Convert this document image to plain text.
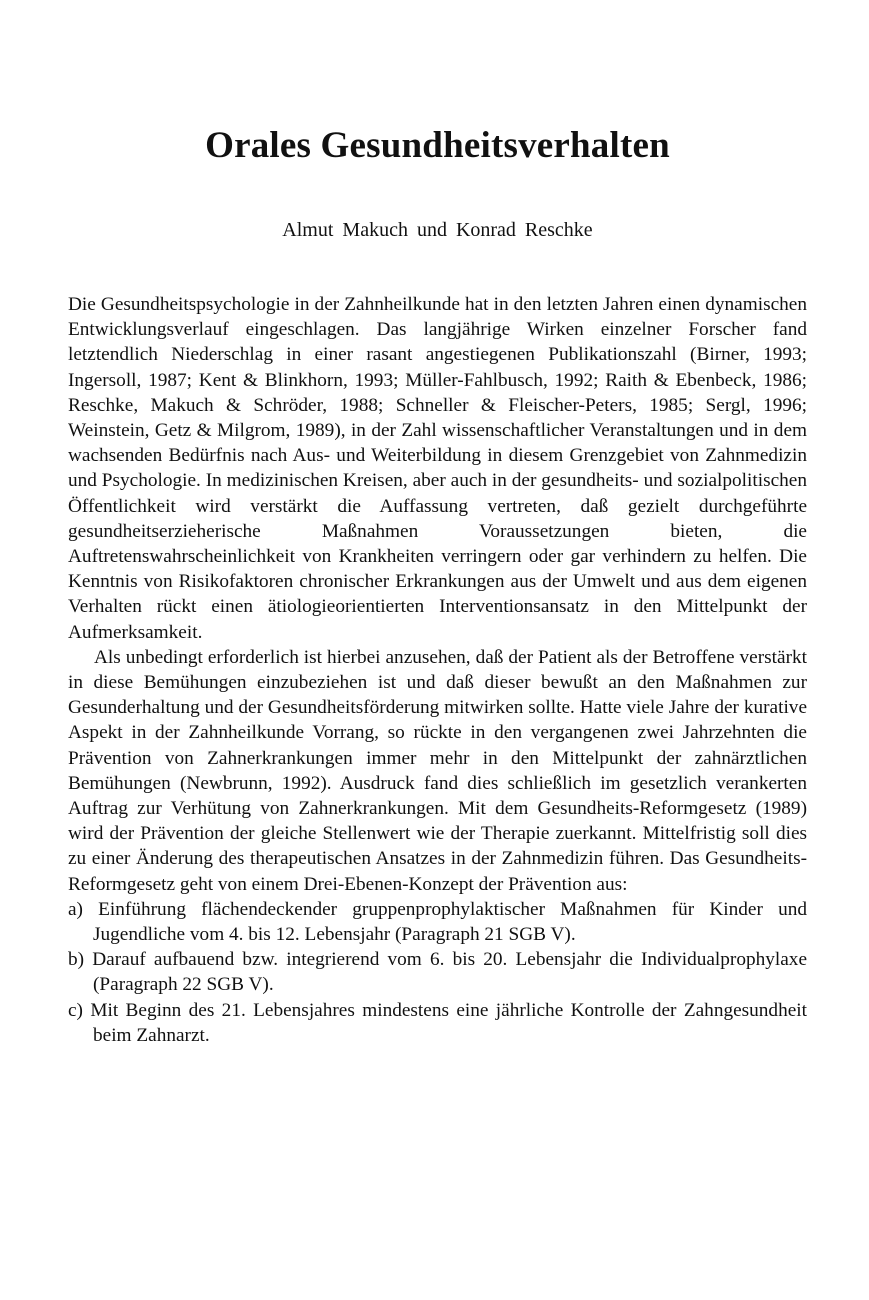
Orales Gesundheitsverhalten

Almut Makuch und Konrad Reschke

Die Gesundheitspsychologie in der Zahnheilkunde hat in den letzten Jahren einen dynamischen Entwicklungsverlauf eingeschlagen. Das langjährige Wirken einzelner Forscher fand letztendlich Niederschlag in einer rasant angestiegenen Publikationszahl (Birner, 1993; Ingersoll, 1987; Kent & Blinkhorn, 1993; Müller-Fahlbusch, 1992; Raith & Ebenbeck, 1986; Reschke, Makuch & Schröder, 1988; Schneller & Fleischer-Peters, 1985; Sergl, 1996; Weinstein, Getz & Milgrom, 1989), in der Zahl wissenschaftlicher Veranstaltungen und in dem wachsenden Bedürfnis nach Aus- und Weiterbildung in diesem Grenzgebiet von Zahnmedizin und Psychologie. In medizinischen Kreisen, aber auch in der gesundheits- und sozialpolitischen Öffentlichkeit wird verstärkt die Auffassung vertreten, daß gezielt durchgeführte gesundheitserzieherische Maßnahmen Voraussetzungen bieten, die Auftretenswahrscheinlichkeit von Krankheiten verringern oder gar verhindern zu helfen. Die Kenntnis von Risikofaktoren chronischer Erkrankungen aus der Umwelt und aus dem eigenen Verhalten rückt einen ätiologieorientierten Interventionsansatz in den Mittelpunkt der Aufmerksamkeit.

Als unbedingt erforderlich ist hierbei anzusehen, daß der Patient als der Betroffene verstärkt in diese Bemühungen einzubeziehen ist und daß dieser bewußt an den Maßnahmen zur Gesunderhaltung und der Gesundheitsförderung mitwirken sollte. Hatte viele Jahre der kurative Aspekt in der Zahnheilkunde Vorrang, so rückte in den vergangenen zwei Jahrzehnten die Prävention von Zahnerkrankungen immer mehr in den Mittelpunkt der zahnärztlichen Bemühungen (Newbrunn, 1992). Ausdruck fand dies schließlich im gesetzlich verankerten Auftrag zur Verhütung von Zahnerkrankungen. Mit dem Gesundheits-Reformgesetz (1989) wird der Prävention der gleiche Stellenwert wie der Therapie zuerkannt. Mittelfristig soll dies zu einer Änderung des therapeutischen Ansatzes in der Zahnmedizin führen. Das Gesundheits-Reformgesetz geht von einem Drei-Ebenen-Konzept der Prävention aus:

a) Einführung flächendeckender gruppenprophylaktischer Maßnahmen für Kinder und Jugendliche vom 4. bis 12. Lebensjahr (Paragraph 21 SGB V).
b) Darauf aufbauend bzw. integrierend vom 6. bis 20. Lebensjahr die Individualprophylaxe (Paragraph 22 SGB V).
c) Mit Beginn des 21. Lebensjahres mindestens eine jährliche Kontrolle der Zahngesundheit beim Zahnarzt.
